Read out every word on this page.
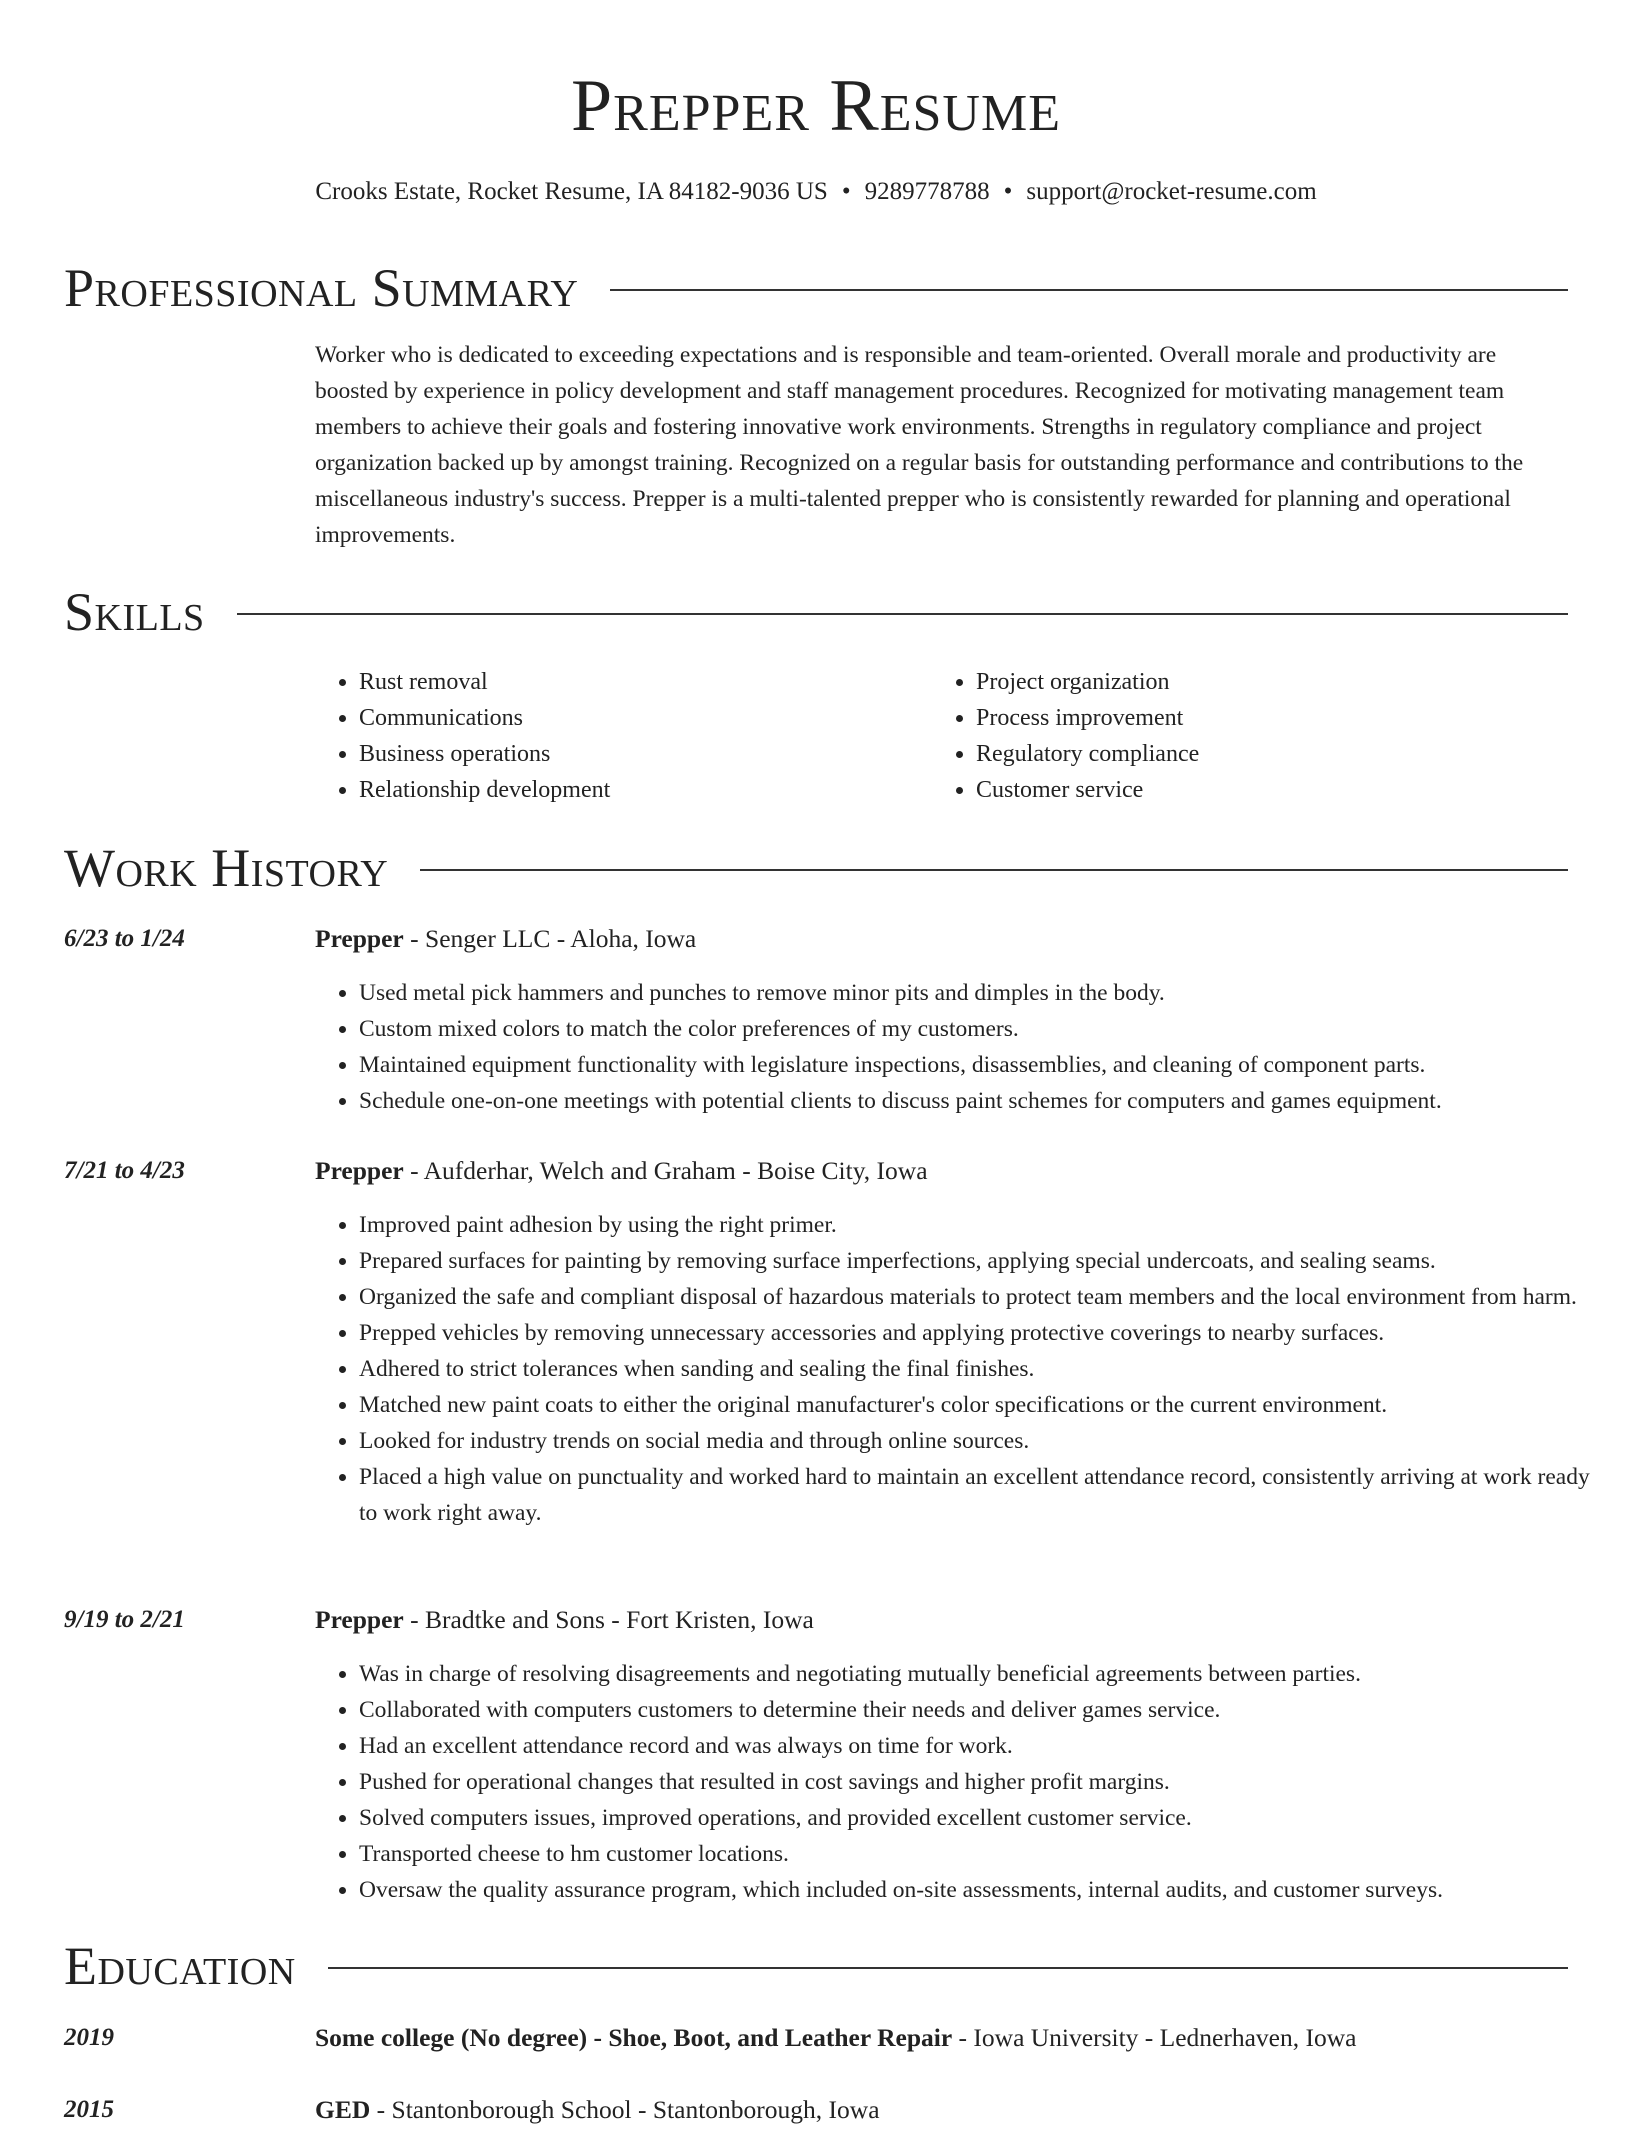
Prepper Resume
Crooks Estate, Rocket Resume, IA 84182-9036 US • 9289778788 • support@rocket-resume.com
Professional Summary

Worker who is dedicated to exceeding expectations and is responsible and team-oriented. Overall morale and productivity are boosted by experience in policy development and staff management procedures. Recognized for motivating management team members to achieve their goals and fostering innovative work environments. Strengths in regulatory compliance and project organization backed up by amongst training. Recognized on a regular basis for outstanding performance and contributions to the miscellaneous industry's success. Prepper is a multi-talented prepper who is consistently rewarded for planning and operational improvements.

Skills
• Rust removal
• Communications
• Business operations
• Relationship development
• Project organization
• Process improvement
• Regulatory compliance
• Customer service
Work History
6/23 to 1/24	Prepper - Senger LLC - Aloha, Iowa
• Used metal pick hammers and punches to remove minor pits and dimples in the body.
• Custom mixed colors to match the color preferences of my customers.
• Maintained equipment functionality with legislature inspections, disassemblies, and cleaning of component parts.
• Schedule one-on-one meetings with potential clients to discuss paint schemes for computers and games equipment.
7/21 to 4/23	Prepper - Aufderhar, Welch and Graham - Boise City, Iowa
• Improved paint adhesion by using the right primer.
• Prepared surfaces for painting by removing surface imperfections, applying special undercoats, and sealing seams.
• Organized the safe and compliant disposal of hazardous materials to protect team members and the local environment from harm.
• Prepped vehicles by removing unnecessary accessories and applying protective coverings to nearby surfaces.
• Adhered to strict tolerances when sanding and sealing the final finishes.
• Matched new paint coats to either the original manufacturer's color specifications or the current environment.
• Looked for industry trends on social media and through online sources.
• Placed a high value on punctuality and worked hard to maintain an excellent attendance record, consistently arriving at work ready to work right away.
9/19 to 2/21	Prepper - Bradtke and Sons - Fort Kristen, Iowa
• Was in charge of resolving disagreements and negotiating mutually beneficial agreements between parties.
• Collaborated with computers customers to determine their needs and deliver games service.
• Had an excellent attendance record and was always on time for work.
• Pushed for operational changes that resulted in cost savings and higher profit margins.
• Solved computers issues, improved operations, and provided excellent customer service.
• Transported cheese to hm customer locations.
• Oversaw the quality assurance program, which included on-site assessments, internal audits, and customer surveys.
Education
2019	Some college (No degree) - Shoe, Boot, and Leather Repair - Iowa University - Lednerhaven, Iowa
2015	GED - Stantonborough School - Stantonborough, Iowa
